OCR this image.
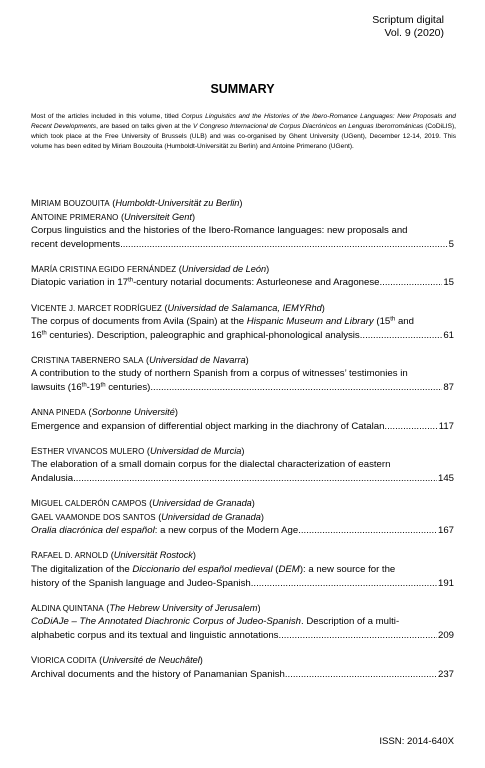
Scriptum digital
Vol. 9 (2020)
SUMMARY
Most of the articles included in this volume, titled Corpus Linguistics and the Histories of the Ibero-Romance Languages: New Proposals and Recent Developments, are based on talks given at the V Congreso Internacional de Corpus Diacrónicos en Lenguas Iberorrománicas (CoDiLIS), which took place at the Free University of Brussels (ULB) and was co-organised by Ghent University (UGent), December 12-14, 2019. This volume has been edited by Miriam Bouzouita (Humboldt-Universität zu Berlin) and Antoine Primerano (UGent).
MIRIAM BOUZOUITA (Humboldt-Universität zu Berlin)
ANTOINE PRIMERANO (Universiteit Gent)
Corpus linguistics and the histories of the Ibero-Romance languages: new proposals and
recent developments .....	5
MARÍA CRISTINA EGIDO FERNÁNDEZ (Universidad de León)
Diatopic variation in 17th-century notarial documents: Asturleonese and Aragonese .....	15
VICENTE J. MARCET RODRÍGUEZ (Universidad de Salamanca, IEMYRhd)
The corpus of documents from Avila (Spain) at the Hispanic Museum and Library (15th and
16th centuries). Description, paleographic and graphical-phonological analysis .....	61
CRISTINA TABERNERO SALA (Universidad de Navarra)
A contribution to the study of northern Spanish from a corpus of witnesses’ testimonies in
lawsuits (16th-19th centuries) .....	87
ANNA PINEDA (Sorbonne Université)
Emergence and expansion of differential object marking in the diachrony of Catalan .....	117
ESTHER VIVANCOS MULERO (Universidad de Murcia)
The elaboration of a small domain corpus for the dialectal characterization of eastern
Andalusia .....	145
MIGUEL CALDERÓN CAMPOS (Universidad de Granada)
GAEL VAAMONDE DOS SANTOS (Universidad de Granada)
Oralia diacrónica del español: a new corpus of the Modern Age .....	167
RAFAEL D. ARNOLD (Universität Rostock)
The digitalization of the Diccionario del español medieval (DEM): a new source for the
history of the Spanish language and Judeo-Spanish .....	191
ALDINA QUINTANA (The Hebrew University of Jerusalem)
CoDiAJe – The Annotated Diachronic Corpus of Judeo-Spanish. Description of a multi-
alphabetic corpus and its textual and linguistic annotations .....	209
VIORICA CODITA (Université de Neuchâtel)
Archival documents and the history of Panamanian Spanish .....	237
ISSN: 2014-640X
